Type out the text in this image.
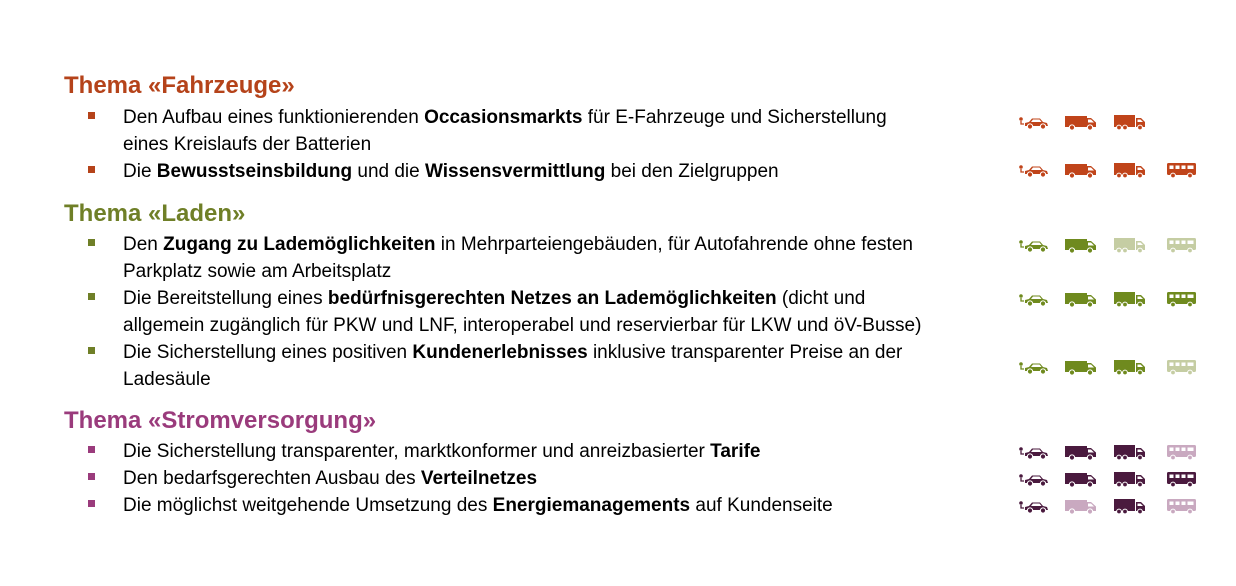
Thema «Fahrzeuge»
Den Aufbau eines funktionierenden Occasionsmarkts für E-Fahrzeuge und Sicherstellung
eines Kreislaufs der Batterien
Die Bewusstseinsbildung und die Wissensvermittlung bei den Zielgruppen
Thema «Laden»
Den Zugang zu Lademöglichkeiten in Mehrparteiengebäuden, für Autofahrende ohne festen
Parkplatz sowie am Arbeitsplatz
Die Bereitstellung eines bedürfnisgerechten Netzes an Lademöglichkeiten (dicht und
allgemein zugänglich für PKW und LNF, interoperabel und reservierbar für LKW und öV-Busse)
Die Sicherstellung eines positiven Kundenerlebnisses inklusive transparenter Preise an der
Ladesäule
Thema «Stromversorgung»
Die Sicherstellung transparenter, marktkonformer und anreizbasierter Tarife
Den bedarfsgerechten Ausbau des Verteilnetzes
Die möglichst weitgehende Umsetzung des Energiemanagements auf Kundenseite
